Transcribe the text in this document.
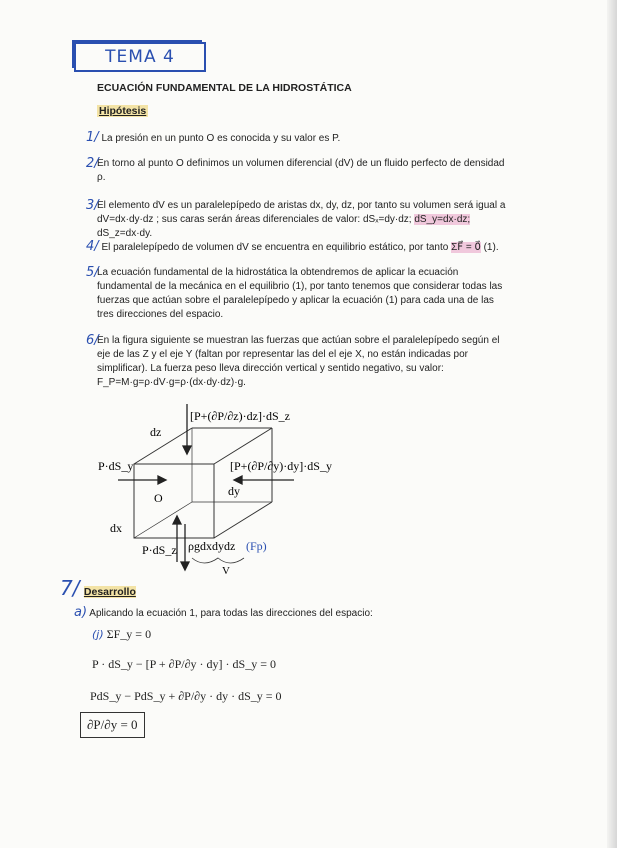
TEMA 4
ECUACIÓN FUNDAMENTAL DE LA HIDROSTÁTICA
Hipótesis
1/ La presión en un punto O es conocida y su valor es P.
2/
En torno al punto O definimos un volumen diferencial (dV) de un fluido perfecto de densidad ρ.
3/
El elemento dV es un paralelepípedo de aristas dx, dy, dz, por tanto su volumen será igual a dV=dx·dy·dz ; sus caras serán áreas diferenciales de valor: dSₓ=dy·dz; dS_y=dx·dz; dS_z=dx·dy.
4/ El paralelepípedo de volumen dV se encuentra en equilibrio estático, por tanto ΣF⃗ = 0⃗ (1).
5/
La ecuación fundamental de la hidrostática la obtendremos de aplicar la ecuación fundamental de la mecánica en el equilibrio (1), por tanto tenemos que considerar todas las fuerzas que actúan sobre el paralelepípedo y aplicar la ecuación (1) para cada una de las tres direcciones del espacio.
6/
En la figura siguiente se muestran las fuerzas que actúan sobre el paralelepípedo según el eje de las Z y el eje Y (faltan por representar las del el eje X, no están indicadas por simplificar). La fuerza peso lleva dirección vertical y sentido negativo, su valor: F_P=M·g=ρ·dV·g=ρ·(dx·dy·dz)·g.
[P+(∂P/∂z)·dz]·dS_z
dz
P·dS_y	[P+(∂P/∂y)·dy]·dS_y
O	dy
dx
P·dS_z ρgdxdydz (Fp)
V
7/ Desarrollo
a) Aplicando la ecuación 1, para todas las direcciones del espacio:
(j) ΣF_y = 0
P · dS_y − [P + ∂P/∂y · dy] · dS_y = 0
PdS_y − PdS_y + ∂P/∂y · dy · dS_y = 0
∂P/∂y = 0
